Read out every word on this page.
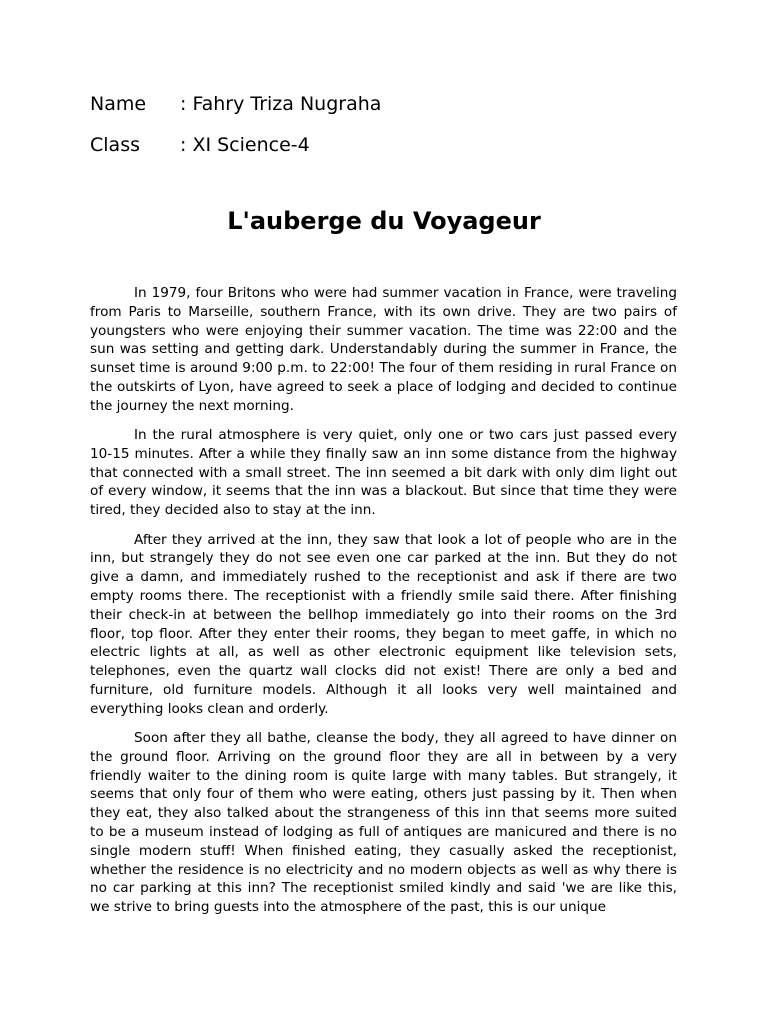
Name : Fahry Triza Nugraha
Class : XI Science-4
L'auberge du Voyageur

In 1979, four Britons who were had summer vacation in France, were traveling from Paris to Marseille, southern France, with its own drive. They are two pairs of youngsters who were enjoying their summer vacation. The time was 22:00 and the sun was setting and getting dark. Understandably during the summer in France, the sunset time is around 9:00 p.m. to 22:00! The four of them residing in rural France on the outskirts of Lyon, have agreed to seek a place of lodging and decided to continue the journey the next morning.

In the rural atmosphere is very quiet, only one or two cars just passed every 10-15 minutes. After a while they finally saw an inn some distance from the highway that connected with a small street. The inn seemed a bit dark with only dim light out of every window, it seems that the inn was a blackout. But since that time they were tired, they decided also to stay at the inn.

After they arrived at the inn, they saw that look a lot of people who are in the inn, but strangely they do not see even one car parked at the inn. But they do not give a damn, and immediately rushed to the receptionist and ask if there are two empty rooms there. The receptionist with a friendly smile said there. After finishing their check-in at between the bellhop immediately go into their rooms on the 3rd floor, top floor. After they enter their rooms, they began to meet gaffe, in which no electric lights at all, as well as other electronic equipment like television sets, telephones, even the quartz wall clocks did not exist! There are only a bed and furniture, old furniture models. Although it all looks very well maintained and everything looks clean and orderly.

Soon after they all bathe, cleanse the body, they all agreed to have dinner on the ground floor. Arriving on the ground floor they are all in between by a very friendly waiter to the dining room is quite large with many tables. But strangely, it seems that only four of them who were eating, others just passing by it. Then when they eat, they also talked about the strangeness of this inn that seems more suited to be a museum instead of lodging as full of antiques are manicured and there is no single modern stuff! When finished eating, they casually asked the receptionist, whether the residence is no electricity and no modern objects as well as why there is no car parking at this inn? The receptionist smiled kindly and said 'we are like this, we strive to bring guests into the atmosphere of the past, this is our unique
